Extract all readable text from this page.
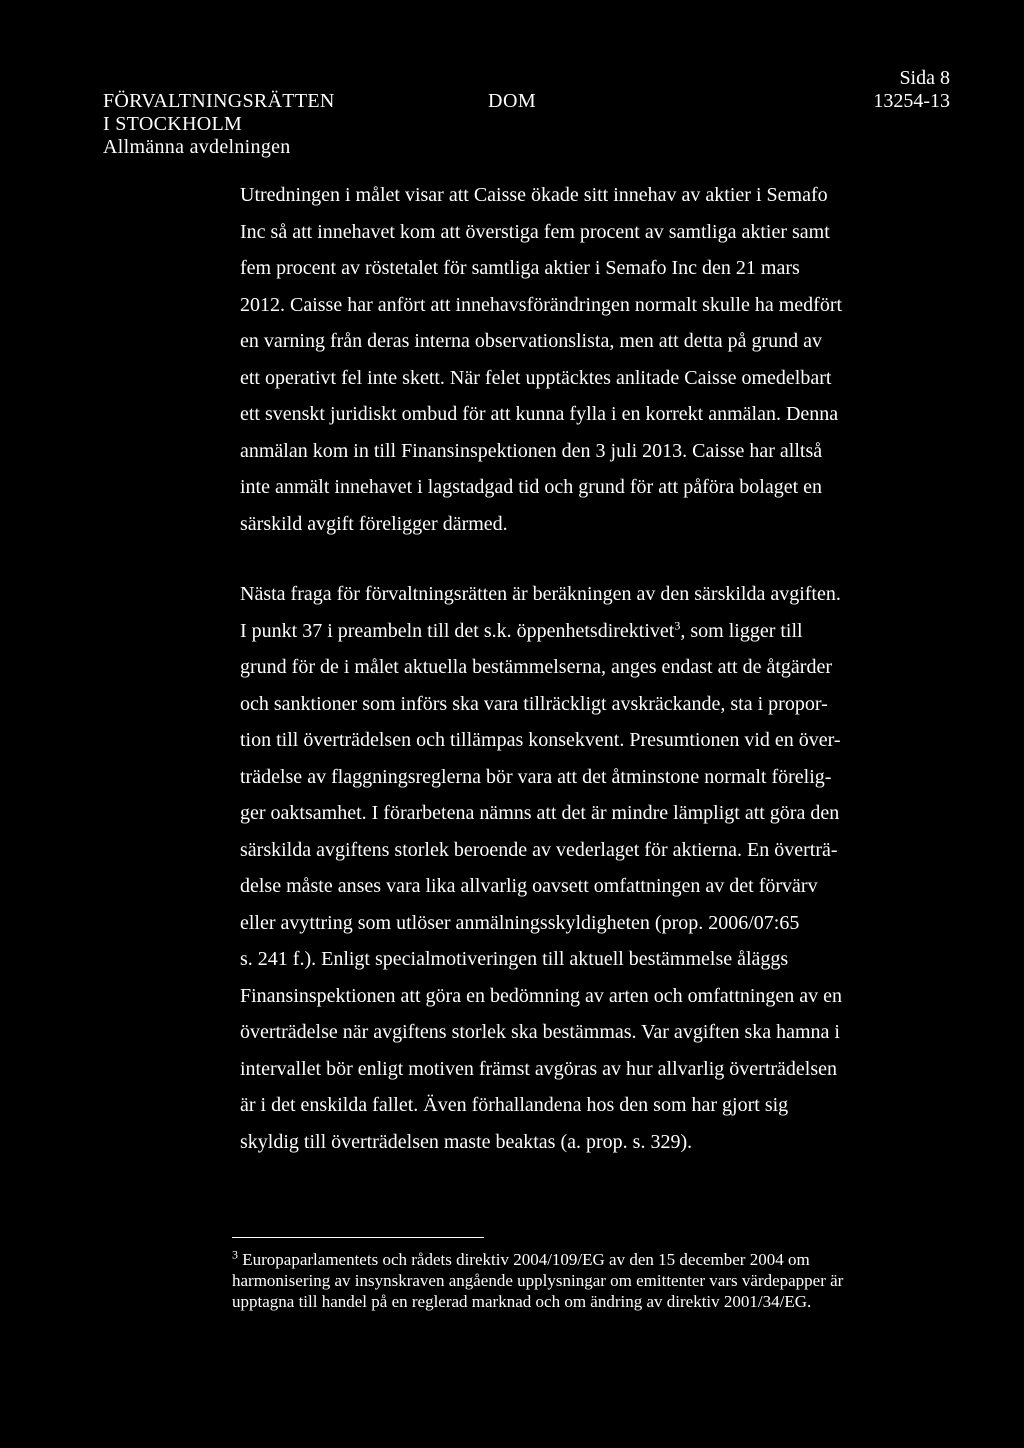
FÖRVALTNINGSRÄTTEN
I STOCKHOLM
Allmänna avdelningen
DOM
Sida 8
13254-13

Utredningen i målet visar att Caisse ökade sitt innehav av aktier i Semafo
Inc så att innehavet kom att överstiga fem procent av samtliga aktier samt
fem procent av röstetalet för samtliga aktier i Semafo Inc den 21 mars
2012. Caisse har anfört att innehavsförändringen normalt skulle ha medfört
en varning från deras interna observationslista, men att detta på grund av
ett operativt fel inte skett. När felet upptäcktes anlitade Caisse omedelbart
ett svenskt juridiskt ombud för att kunna fylla i en korrekt anmälan. Denna
anmälan kom in till Finansinspektionen den 3 juli 2013. Caisse har alltså
inte anmält innehavet i lagstadgad tid och grund för att påföra bolaget en
särskild avgift föreligger därmed.

Nästa fraga för förvaltningsrätten är beräkningen av den särskilda avgiften.
I punkt 37 i preambeln till det s.k. öppenhetsdirektivet$^3$, som ligger till
grund för de i målet aktuella bestämmelserna, anges endast att de åtgärder
och sanktioner som införs ska vara tillräckligt avskräckande, sta i propor-
tion till överträdelsen och tillämpas konsekvent. Presumtionen vid en över-
trädelse av flaggningsreglerna bör vara att det åtminstone normalt förelig-
ger oaktsamhet. I förarbetena nämns att det är mindre lämpligt att göra den
särskilda avgiftens storlek beroende av vederlaget för aktierna. En överträ-
delse måste anses vara lika allvarlig oavsett omfattningen av det förvärv
eller avyttring som utlöser anmälningsskyldigheten (prop. 2006/07:65
s. 241 f.). Enligt specialmotiveringen till aktuell bestämmelse åläggs
Finansinspektionen att göra en bedömning av arten och omfattningen av en
överträdelse när avgiftens storlek ska bestämmas. Var avgiften ska hamna i
intervallet bör enligt motiven främst avgöras av hur allvarlig överträdelsen
är i det enskilda fallet. Även förhallandena hos den som har gjort sig
skyldig till överträdelsen maste beaktas (a. prop. s. 329).

$^3$ Europaparlamentets och rådets direktiv 2004/109/EG av den 15 december 2004 om
harmonisering av insynskraven angående upplysningar om emittenter vars värdepapper är
upptagna till handel på en reglerad marknad och om ändring av direktiv 2001/34/EG.
